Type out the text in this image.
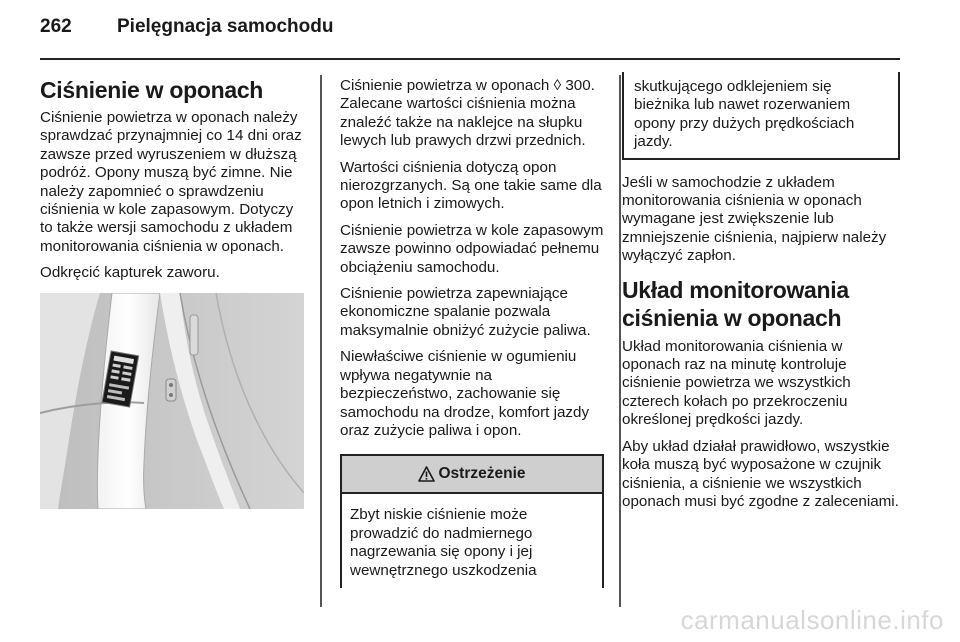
262 Pielęgnacja samochodu
Ciśnienie w oponach

Ciśnienie powietrza w oponach należy sprawdzać przynajmniej co 14 dni oraz zawsze przed wyruszeniem w dłuższą podróż. Opony muszą być zimne. Nie należy zapomnieć o sprawdzeniu ciśnienia w kole zapasowym. Dotyczy to także wersji samochodu z układem monitorowania ciśnienia w oponach.

Odkręcić kapturek zaworu.

Ciśnienie powietrza w oponach ◊ 300. Zalecane wartości ciśnienia można znaleźć także na naklejce na słupku lewych lub prawych drzwi przednich.

Wartości ciśnienia dotyczą opon nierozgrzanych. Są one takie same dla opon letnich i zimowych.

Ciśnienie powietrza w kole zapasowym zawsze powinno odpowiadać pełnemu obciążeniu samochodu.

Ciśnienie powietrza zapewniające ekonomiczne spalanie pozwala maksymalnie obniżyć zużycie paliwa.

Niewłaściwe ciśnienie w ogumieniu wpływa negatywnie na bezpieczeństwo, zachowanie się samochodu na drodze, komfort jazdy oraz zużycie paliwa i opon.

Ostrzeżenie
Zbyt niskie ciśnienie może prowadzić do nadmiernego nagrzewania się opony i jej wewnętrznego uszkodzenia
skutkującego odklejeniem się bieżnika lub nawet rozerwaniem opony przy dużych prędkościach jazdy.

Jeśli w samochodzie z układem monitorowania ciśnienia w oponach wymagane jest zwiększenie lub zmniejszenie ciśnienia, najpierw należy wyłączyć zapłon.

Układ monitorowania ciśnienia w oponach

Układ monitorowania ciśnienia w oponach raz na minutę kontroluje ciśnienie powietrza we wszystkich czterech kołach po przekroczeniu określonej prędkości jazdy.

Aby układ działał prawidłowo, wszystkie koła muszą być wyposażone w czujnik ciśnienia, a ciśnienie we wszystkich oponach musi być zgodne z zaleceniami.

carmanualsonline.info
